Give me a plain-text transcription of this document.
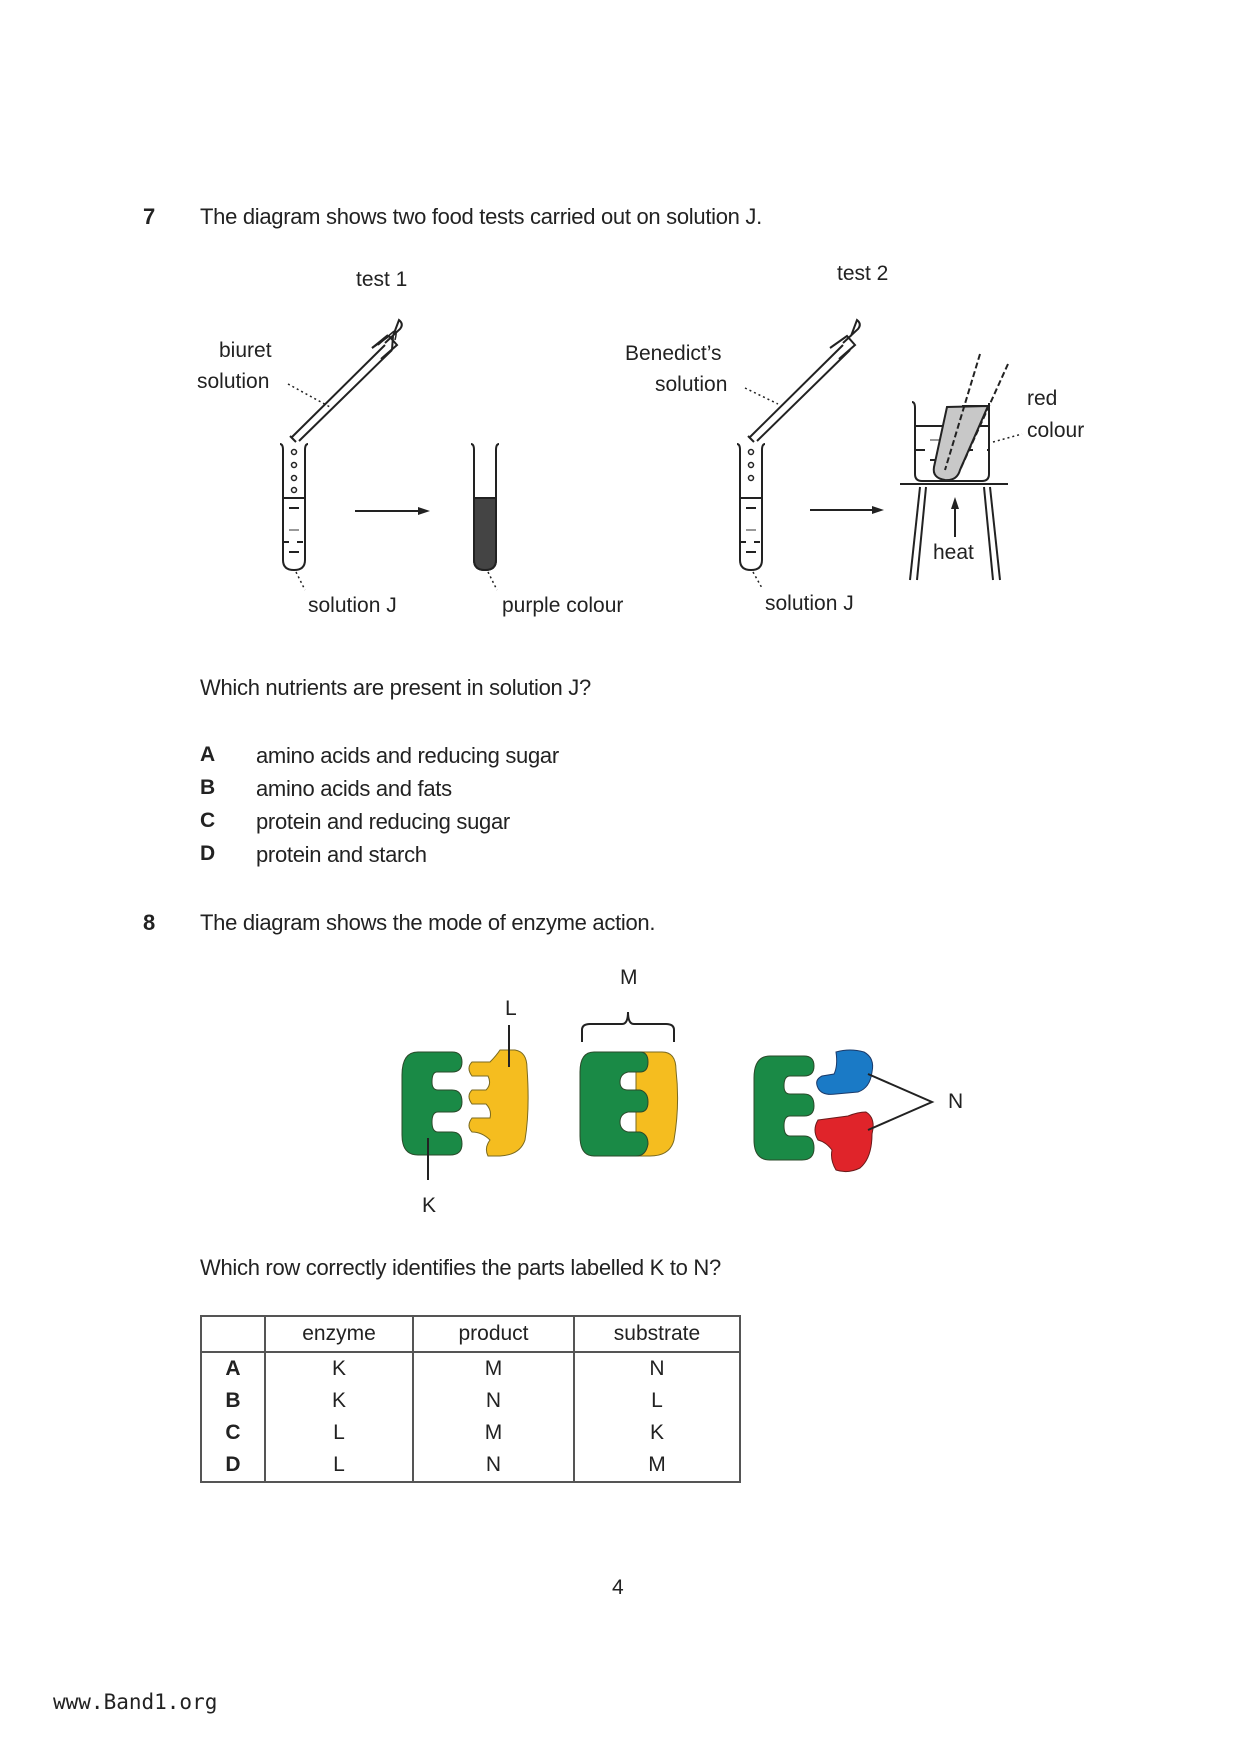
7 The diagram shows two food tests carried out on solution J.
test 1	test 2
biuret
solution
solution J	purple colour
Benedict’s
solution
solution J
red
colour
heat
Which nutrients are present in solution J?
A amino acids and reducing sugar
B amino acids and fats
C protein and reducing sugar
D protein and starch
8 The diagram shows the mode of enzyme action.
M
L
K
N
Which row correctly identifies the parts labelled K to N?
	enzyme	product	substrate
A	K	M	N
B	K	N	L
C	L	M	K
D	L	N	M
4
www.Band1.org
